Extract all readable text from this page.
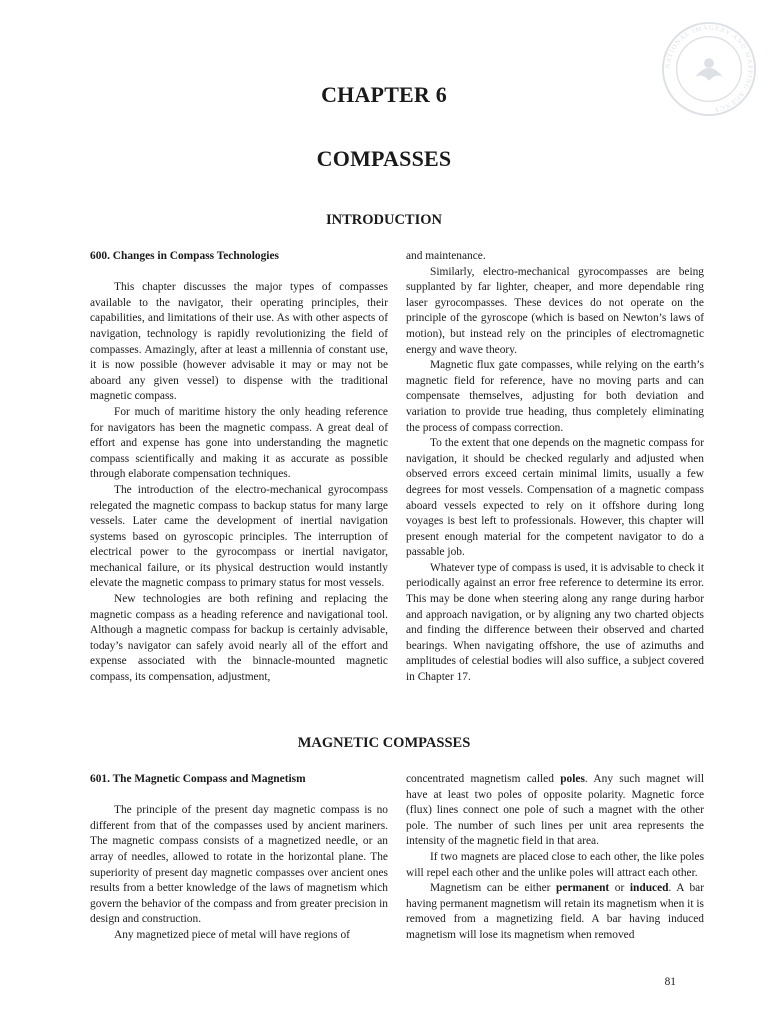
NATIONAL IMAGERY AND MAPPING AGENCY
CHAPTER 6
COMPASSES
INTRODUCTION
600. Changes in Compass Technologies

This chapter discusses the major types of compasses available to the navigator, their operating principles, their capabilities, and limitations of their use. As with other aspects of navigation, technology is rapidly revolutionizing the field of compasses. Amazingly, after at least a millennia of constant use, it is now possible (however advisable it may or may not be aboard any given vessel) to dispense with the traditional magnetic compass.

For much of maritime history the only heading reference for navigators has been the magnetic compass. A great deal of effort and expense has gone into understanding the magnetic compass scientifically and making it as accurate as possible through elaborate compensation techniques.

The introduction of the electro-mechanical gyrocompass relegated the magnetic compass to backup status for many large vessels. Later came the development of inertial navigation systems based on gyroscopic principles. The interruption of electrical power to the gyrocompass or inertial navigator, mechanical failure, or its physical destruction would instantly elevate the magnetic compass to primary status for most vessels.

New technologies are both refining and replacing the magnetic compass as a heading reference and navigational tool. Although a magnetic compass for backup is certainly advisable, today’s navigator can safely avoid nearly all of the effort and expense associated with the binnacle-mounted magnetic compass, its compensation, adjustment,

and maintenance.

Similarly, electro-mechanical gyrocompasses are being supplanted by far lighter, cheaper, and more dependable ring laser gyrocompasses. These devices do not operate on the principle of the gyroscope (which is based on Newton’s laws of motion), but instead rely on the principles of electromagnetic energy and wave theory.

Magnetic flux gate compasses, while relying on the earth’s magnetic field for reference, have no moving parts and can compensate themselves, adjusting for both deviation and variation to provide true heading, thus completely eliminating the process of compass correction.

To the extent that one depends on the magnetic compass for navigation, it should be checked regularly and adjusted when observed errors exceed certain minimal limits, usually a few degrees for most vessels. Compensation of a magnetic compass aboard vessels expected to rely on it offshore during long voyages is best left to professionals. However, this chapter will present enough material for the competent navigator to do a passable job.

Whatever type of compass is used, it is advisable to check it periodically against an error free reference to determine its error. This may be done when steering along any range during harbor and approach navigation, or by aligning any two charted objects and finding the difference between their observed and charted bearings. When navigating offshore, the use of azimuths and amplitudes of celestial bodies will also suffice, a subject covered in Chapter 17.

MAGNETIC COMPASSES
601. The Magnetic Compass and Magnetism

The principle of the present day magnetic compass is no different from that of the compasses used by ancient mariners. The magnetic compass consists of a magnetized needle, or an array of needles, allowed to rotate in the horizontal plane. The superiority of present day magnetic compasses over ancient ones results from a better knowledge of the laws of magnetism which govern the behavior of the compass and from greater precision in design and construction.

Any magnetized piece of metal will have regions of

concentrated magnetism called poles. Any such magnet will have at least two poles of opposite polarity. Magnetic force (flux) lines connect one pole of such a magnet with the other pole. The number of such lines per unit area represents the intensity of the magnetic field in that area.

If two magnets are placed close to each other, the like poles will repel each other and the unlike poles will attract each other.

Magnetism can be either permanent or induced. A bar having permanent magnetism will retain its magnetism when it is removed from a magnetizing field. A bar having induced magnetism will lose its magnetism when removed

81
